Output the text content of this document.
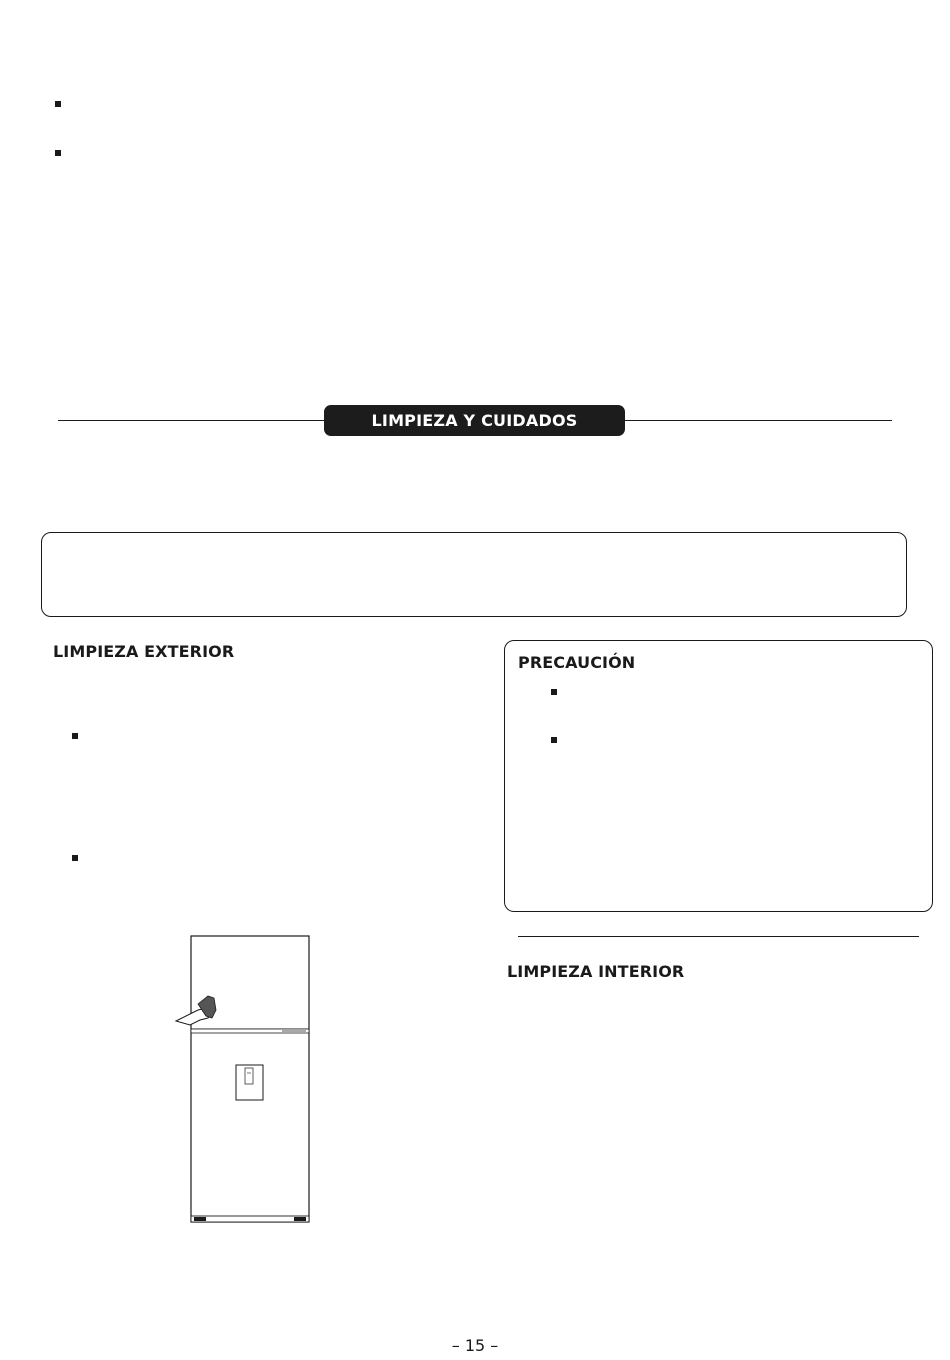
LIMPIEZA Y CUIDADOS
LIMPIEZA EXTERIOR
PRECAUCIÓN
LIMPIEZA INTERIOR
– 15 –
